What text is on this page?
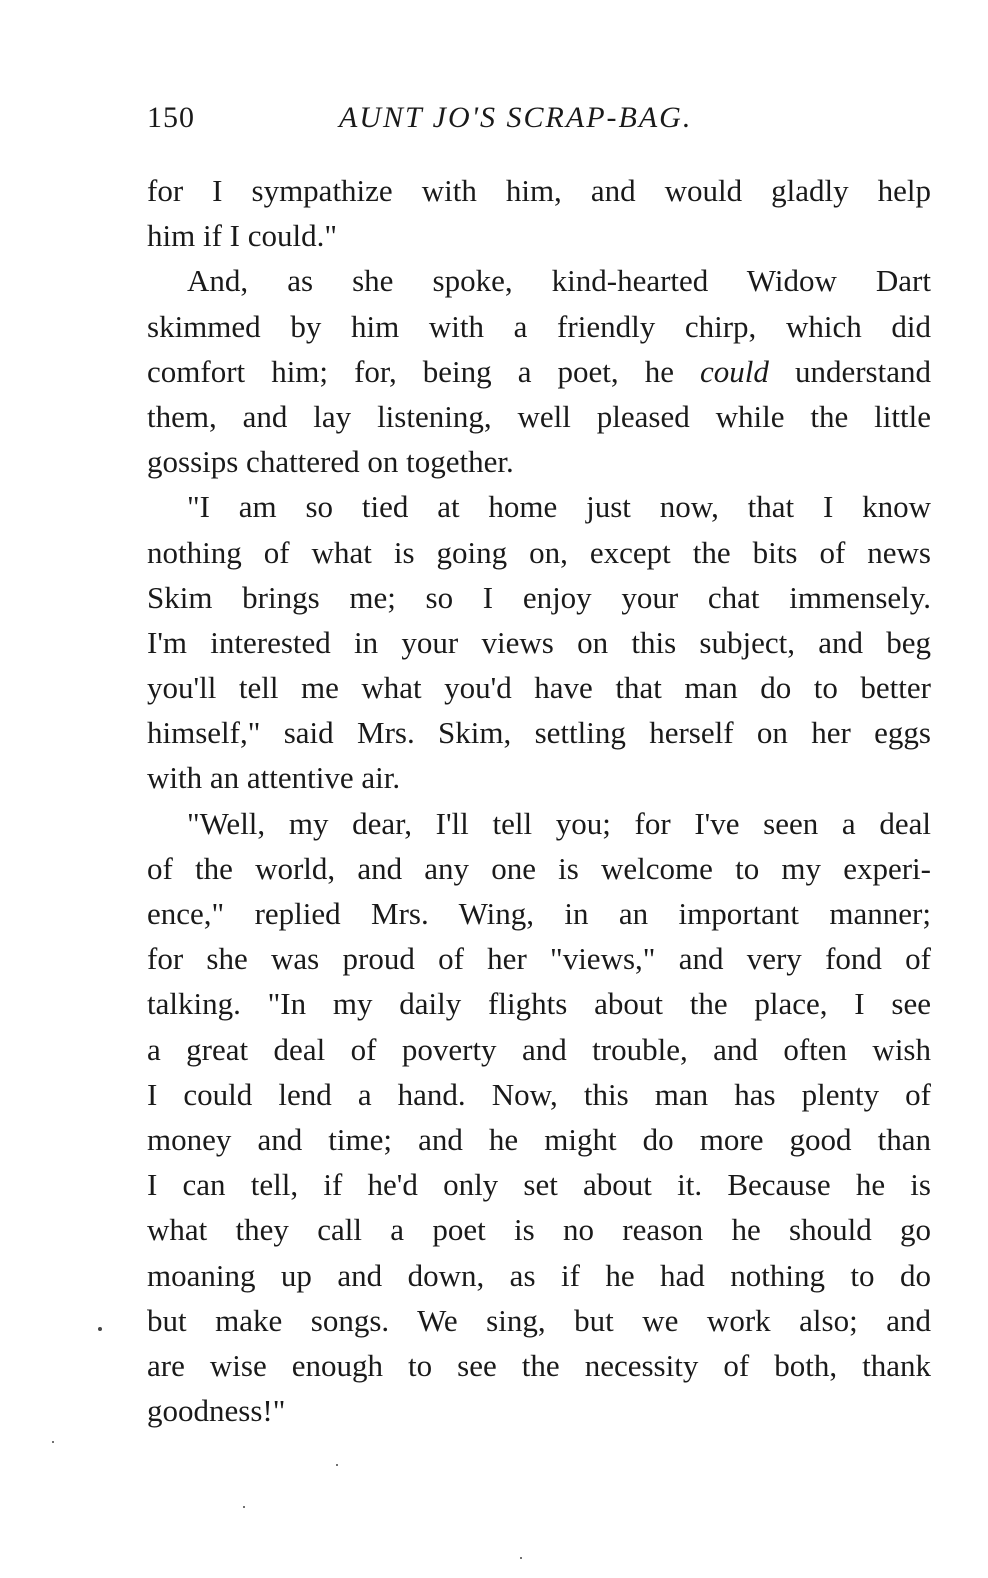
150	AUNT JO'S SCRAP-BAG.
for I sympathize with him, and would gladly help
him if I could."
And, as she spoke, kind-hearted Widow Dart
skimmed by him with a friendly chirp, which did
comfort him; for, being a poet, he could understand
them, and lay listening, well pleased while the little
gossips chattered on together.
"I am so tied at home just now, that I know
nothing of what is going on, except the bits of news
Skim brings me; so I enjoy your chat immensely.
I'm interested in your views on this subject, and beg
you'll tell me what you'd have that man do to better
himself," said Mrs. Skim, settling herself on her eggs
with an attentive air.
"Well, my dear, I'll tell you; for I've seen a deal
of the world, and any one is welcome to my experi-
ence," replied Mrs. Wing, in an important manner;
for she was proud of her "views," and very fond of
talking. "In my daily flights about the place, I see
a great deal of poverty and trouble, and often wish
I could lend a hand. Now, this man has plenty of
money and time; and he might do more good than
I can tell, if he'd only set about it. Because he is
what they call a poet is no reason he should go
moaning up and down, as if he had nothing to do
but make songs. We sing, but we work also; and
are wise enough to see the necessity of both, thank
goodness!"
